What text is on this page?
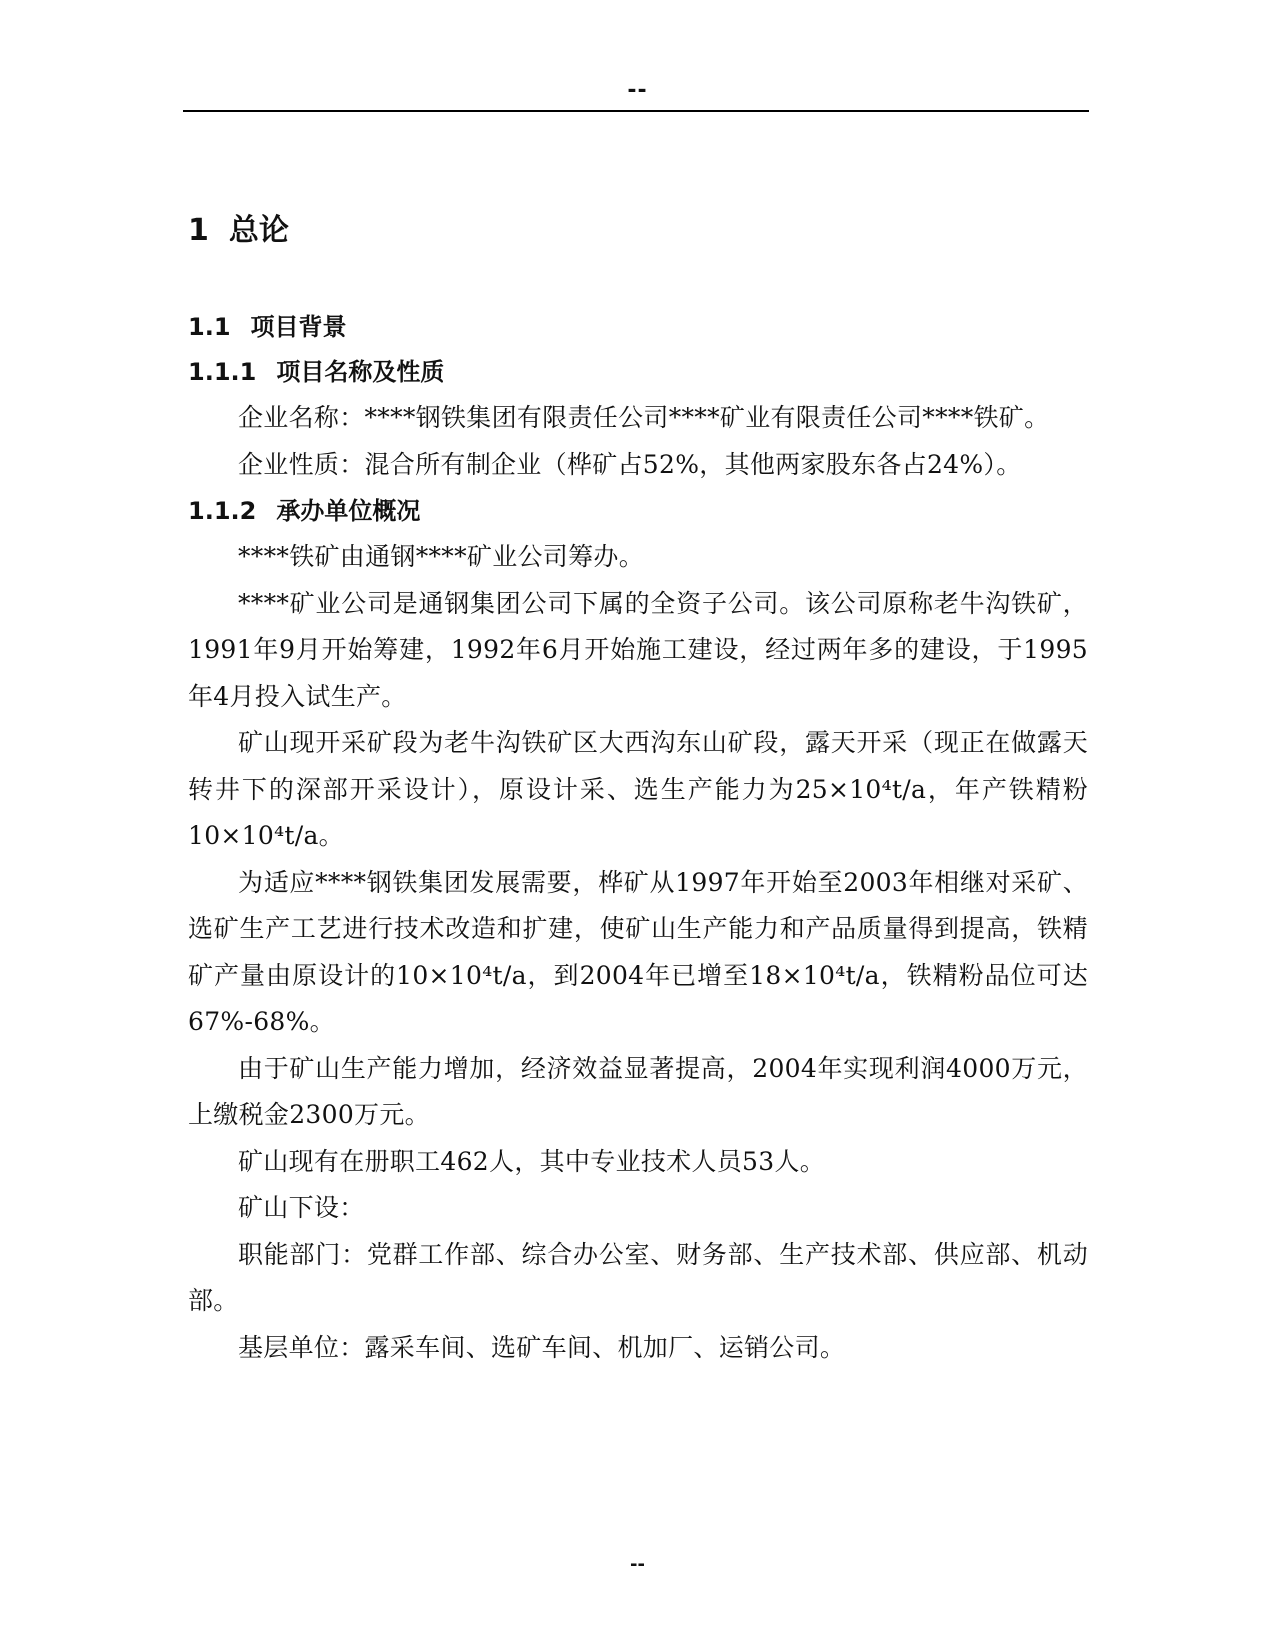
--
1 总论
1.1 项目背景
1.1.1 项目名称及性质

企业名称：****钢铁集团有限责任公司****矿业有限责任公司****铁矿。

企业性质：混合所有制企业（桦矿占52%，其他两家股东各占24%）。

1.1.2 承办单位概况

****铁矿由通钢****矿业公司筹办。

****矿业公司是通钢集团公司下属的全资子公司。该公司原称老牛沟铁矿，1991年9月开始筹建，1992年6月开始施工建设，经过两年多的建设，于1995年4月投入试生产。

矿山现开采矿段为老牛沟铁矿区大西沟东山矿段，露天开采（现正在做露天转井下的深部开采设计），原设计采、选生产能力为25×10⁴t/a，年产铁精粉10×10⁴t/a。

为适应****钢铁集团发展需要，桦矿从1997年开始至2003年相继对采矿、选矿生产工艺进行技术改造和扩建，使矿山生产能力和产品质量得到提高，铁精矿产量由原设计的10×10⁴t/a，到2004年已增至18×10⁴t/a，铁精粉品位可达67%-68%。

由于矿山生产能力增加，经济效益显著提高，2004年实现利润4000万元，上缴税金2300万元。

矿山现有在册职工462人，其中专业技术人员53人。

矿山下设：

职能部门：党群工作部、综合办公室、财务部、生产技术部、供应部、机动部。

基层单位：露采车间、选矿车间、机加厂、运销公司。

--
